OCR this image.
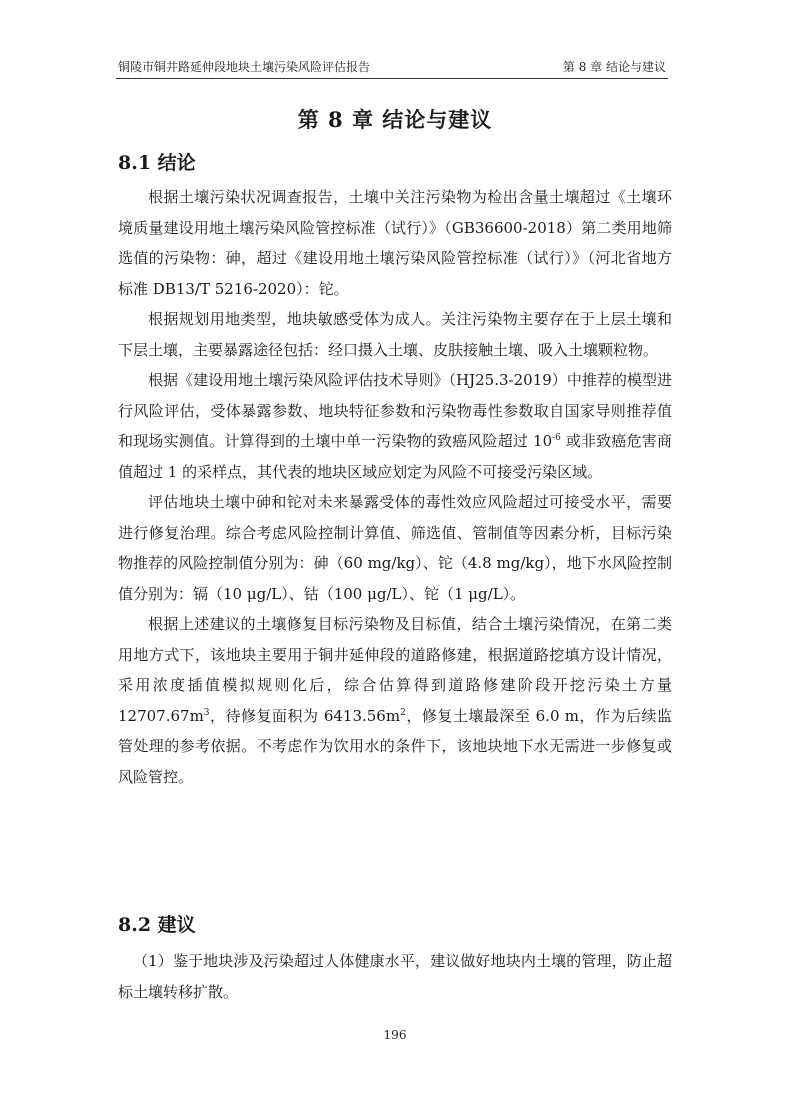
铜陵市铜井路延伸段地块土壤污染风险评估报告	第 8 章 结论与建议
第 8 章 结论与建议
8.1 结论

根据土壤污染状况调查报告，土壤中关注污染物为检出含量土壤超过《土壤环境质量建设用地土壤污染风险管控标准（试行）》（GB36600-2018）第二类用地筛选值的污染物：砷，超过《建设用地土壤污染风险管控标准（试行）》（河北省地方标准 DB13/T 5216-2020）：铊。

根据规划用地类型，地块敏感受体为成人。关注污染物主要存在于上层土壤和下层土壤，主要暴露途径包括：经口摄入土壤、皮肤接触土壤、吸入土壤颗粒物。

根据《建设用地土壤污染风险评估技术导则》（HJ25.3-2019）中推荐的模型进行风险评估，受体暴露参数、地块特征参数和污染物毒性参数取自国家导则推荐值和现场实测值。计算得到的土壤中单一污染物的致癌风险超过 $10^{-6}$ 或非致癌危害商值超过 1 的采样点，其代表的地块区域应划定为风险不可接受污染区域。

评估地块土壤中砷和铊对未来暴露受体的毒性效应风险超过可接受水平，需要进行修复治理。综合考虑风险控制计算值、筛选值、管制值等因素分析，目标污染物推荐的风险控制值分别为：砷（60 mg/kg）、铊（4.8 mg/kg），地下水风险控制值分别为：镉（10 μg/L）、钴（100 μg/L）、铊（1 μg/L）。

根据上述建议的土壤修复目标污染物及目标值，结合土壤污染情况，在第二类用地方式下，该地块主要用于铜井延伸段的道路修建，根据道路挖填方设计情况，采用浓度插值模拟规则化后，综合估算得到道路修建阶段开挖污染土方量 $12707.67m^3$，待修复面积为 $6413.56m^2$，修复土壤最深至 6.0 m，作为后续监管处理的参考依据。不考虑作为饮用水的条件下，该地块地下水无需进一步修复或风险管控。

8.2 建议

（1）鉴于地块涉及污染超过人体健康水平，建议做好地块内土壤的管理，防止超标土壤转移扩散。

196
